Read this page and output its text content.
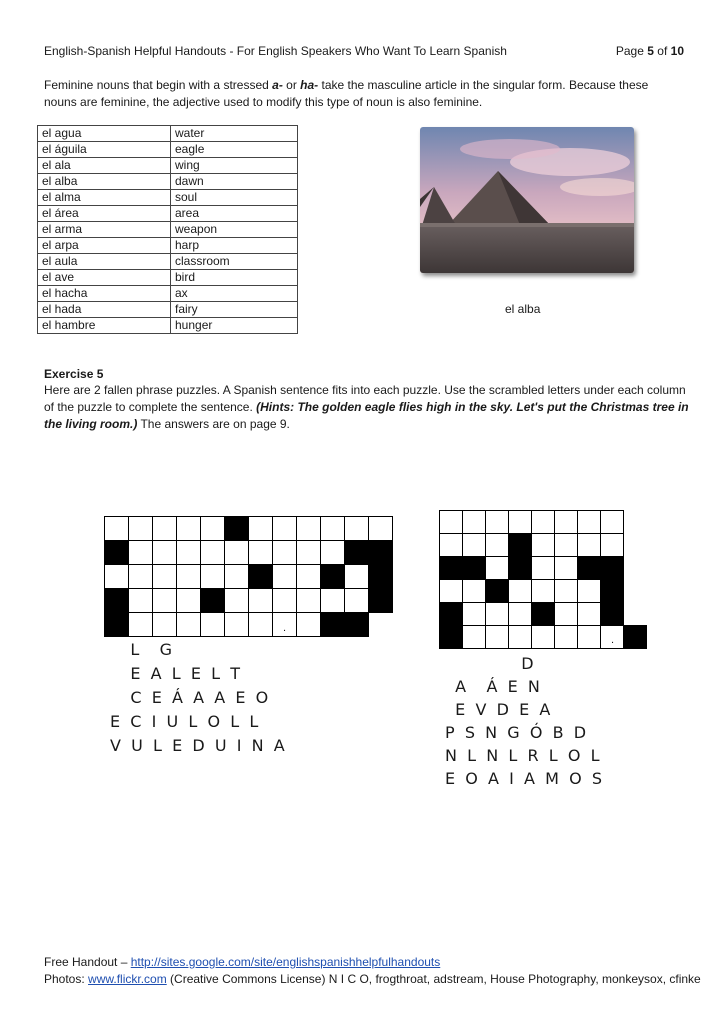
English-Spanish Helpful Handouts - For English Speakers Who Want To Learn Spanish	Page 5 of 10
Feminine nouns that begin with a stressed a- or ha- take the masculine article in the singular form. Because these nouns are feminine, the adjective used to modify this type of noun is also feminine.
el agua	water
el águila	eagle
el ala	wing
el alba	dawn
el alma	soul
el área	area
el arma	weapon
el arpa	harp
el aula	classroom
el ave	bird
el hacha	ax
el hada	fairy
el hambre	hunger
el alba
Exercise 5
Here are 2 fallen phrase puzzles. A Spanish sentence fits into each puzzle. Use the scrambled letters under each column of the puzzle to complete the sentence. (Hints: The golden eagle flies high in the sky. Let's put the Christmas tree in the living room.) The answers are on page 9.

							.				

L    G
E  A  L  E  L  T
C  E  Á  A  A  E  O
E  C  I  U  L  O  L  L
V  U  L  E  D  U  I  N  A

							.	

D
A    Á  E  N
E  V  D  E  A
P  S  N  G  Ó  B  D
N  L  N  L  R  L  O  L
E  O  A  I  A  M  O  S
Free Handout – http://sites.google.com/site/englishspanishhelpfulhandouts
Photos: www.flickr.com (Creative Commons License) N I C O, frogthroat, adstream, House Photography, monkeysox, cfinke
